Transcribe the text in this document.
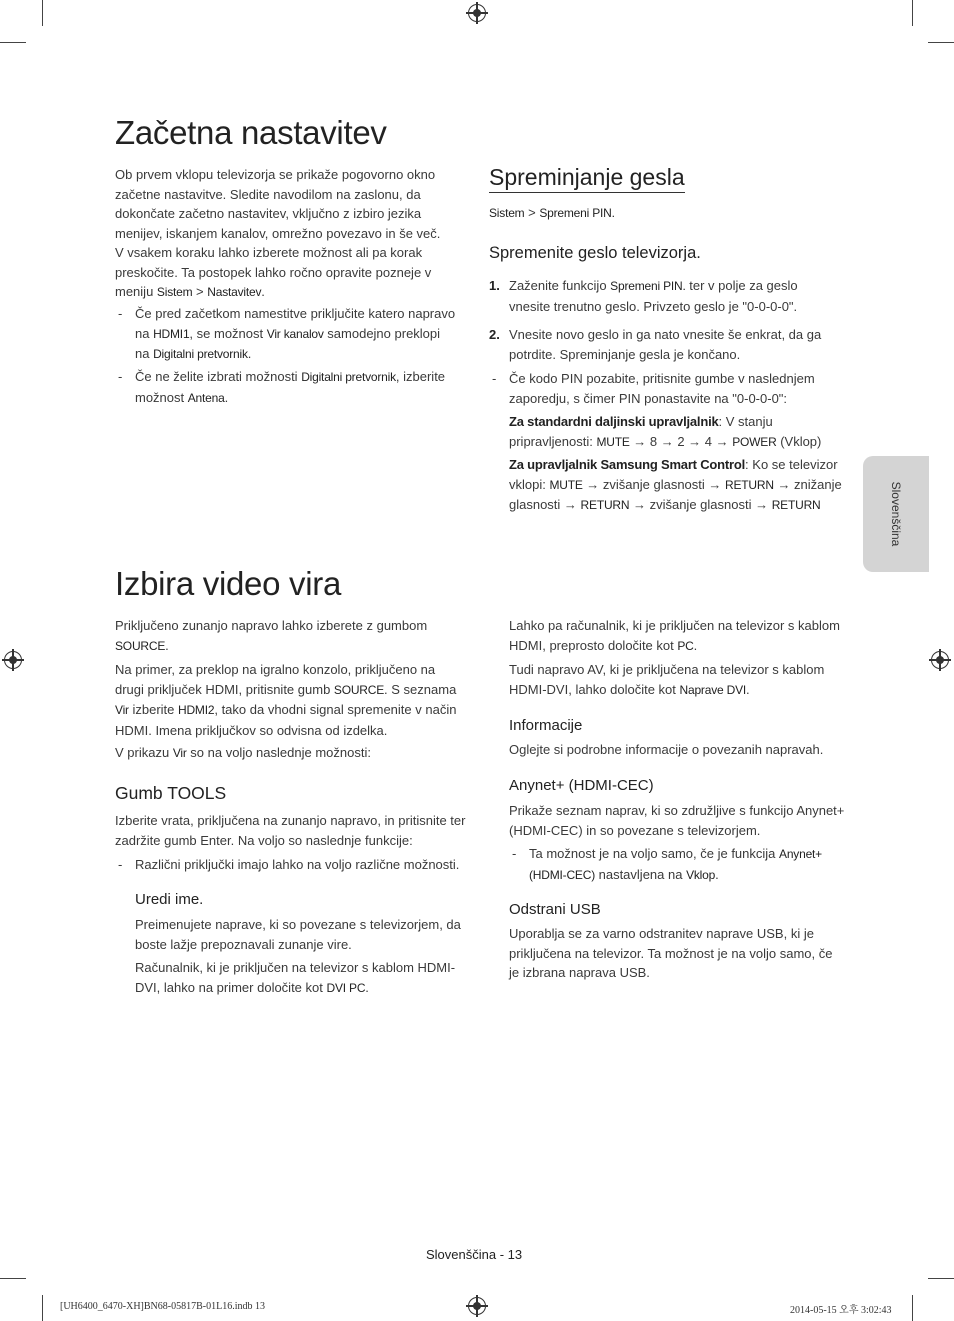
Začetna nastavitev

Ob prvem vklopu televizorja se prikaže pogovorno okno
začetne nastavitve. Sledite navodilom na zaslonu, da
dokončate začetno nastavitev, vključno z izbiro jezika
menijev, iskanjem kanalov, omrežno povezavo in še več.
V vsakem koraku lahko izberete možnost ali pa korak
preskočite. Ta postopek lahko ročno opravite pozneje v
meniju Sistem > Nastavitev.

- Če pred začetkom namestitve priključite katero napravo
na HDMI1, se možnost Vir kanalov samodejno preklopi
na Digitalni pretvornik.

- Če ne želite izbrati možnosti Digitalni pretvornik, izberite
možnost Antena.

Spreminjanje gesla

Sistem > Spremeni PIN.

Spremenite geslo televizorja.
1. Zaženite funkcijo Spremeni PIN. ter v polje za geslo
vnesite trenutno geslo. Privzeto geslo je "0-0-0-0".

2. Vnesite novo geslo in ga nato vnesite še enkrat, da ga
potrdite. Spreminjanje gesla je končano.

- Če kodo PIN pozabite, pritisnite gumbe v naslednjem
zaporedju, s čimer PIN ponastavite na "0-0-0-0":

Za standardni daljinski upravljalnik: V stanju
pripravljenosti: MUTE → 8 → 2 → 4 → POWER (Vklop)

Za upravljalnik Samsung Smart Control: Ko se televizor
vklopi: MUTE → zvišanje glasnosti → RETURN → znižanje
glasnosti → RETURN → zvišanje glasnosti → RETURN	Slovenščina
Izbira video vira

Priključeno zunanjo napravo lahko izberete z gumbom
SOURCE.

Na primer, za preklop na igralno konzolo, priključeno na
drugi priključek HDMI, pritisnite gumb SOURCE. S seznama
Vir izberite HDMI2, tako da vhodni signal spremenite v način
HDMI. Imena priključkov so odvisna od izdelka.

V prikazu Vir so na voljo naslednje možnosti:

Gumb TOOLS

Izberite vrata, priključena na zunanjo napravo, in pritisnite ter
zadržite gumb Enter. Na voljo so naslednje funkcije:

- Različni priključki imajo lahko na voljo različne možnosti.

Uredi ime.

Preimenujete naprave, ki so povezane s televizorjem, da
boste lažje prepoznavali zunanje vire.

Računalnik, ki je priključen na televizor s kablom HDMI-
DVI, lahko na primer določite kot DVI PC.

Lahko pa računalnik, ki je priključen na televizor s kablom
HDMI, preprosto določite kot PC.

Tudi napravo AV, ki je priključena na televizor s kablom
HDMI-DVI, lahko določite kot Naprave DVI.

Informacije

Oglejte si podrobne informacije o povezanih napravah.

Anynet+ (HDMI-CEC)

Prikaže seznam naprav, ki so združljive s funkcijo Anynet+
(HDMI-CEC) in so povezane s televizorjem.

- Ta možnost je na voljo samo, če je funkcija Anynet+
(HDMI-CEC) nastavljena na Vklop.

Odstrani USB

Uporablja se za varno odstranitev naprave USB, ki je
priključena na televizor. Ta možnost je na voljo samo, če
je izbrana naprava USB.

Slovenščina - 13
[UH6400_6470-XH]BN68-05817B-01L16.indb 13	2014-05-15 오후 3:02:43
